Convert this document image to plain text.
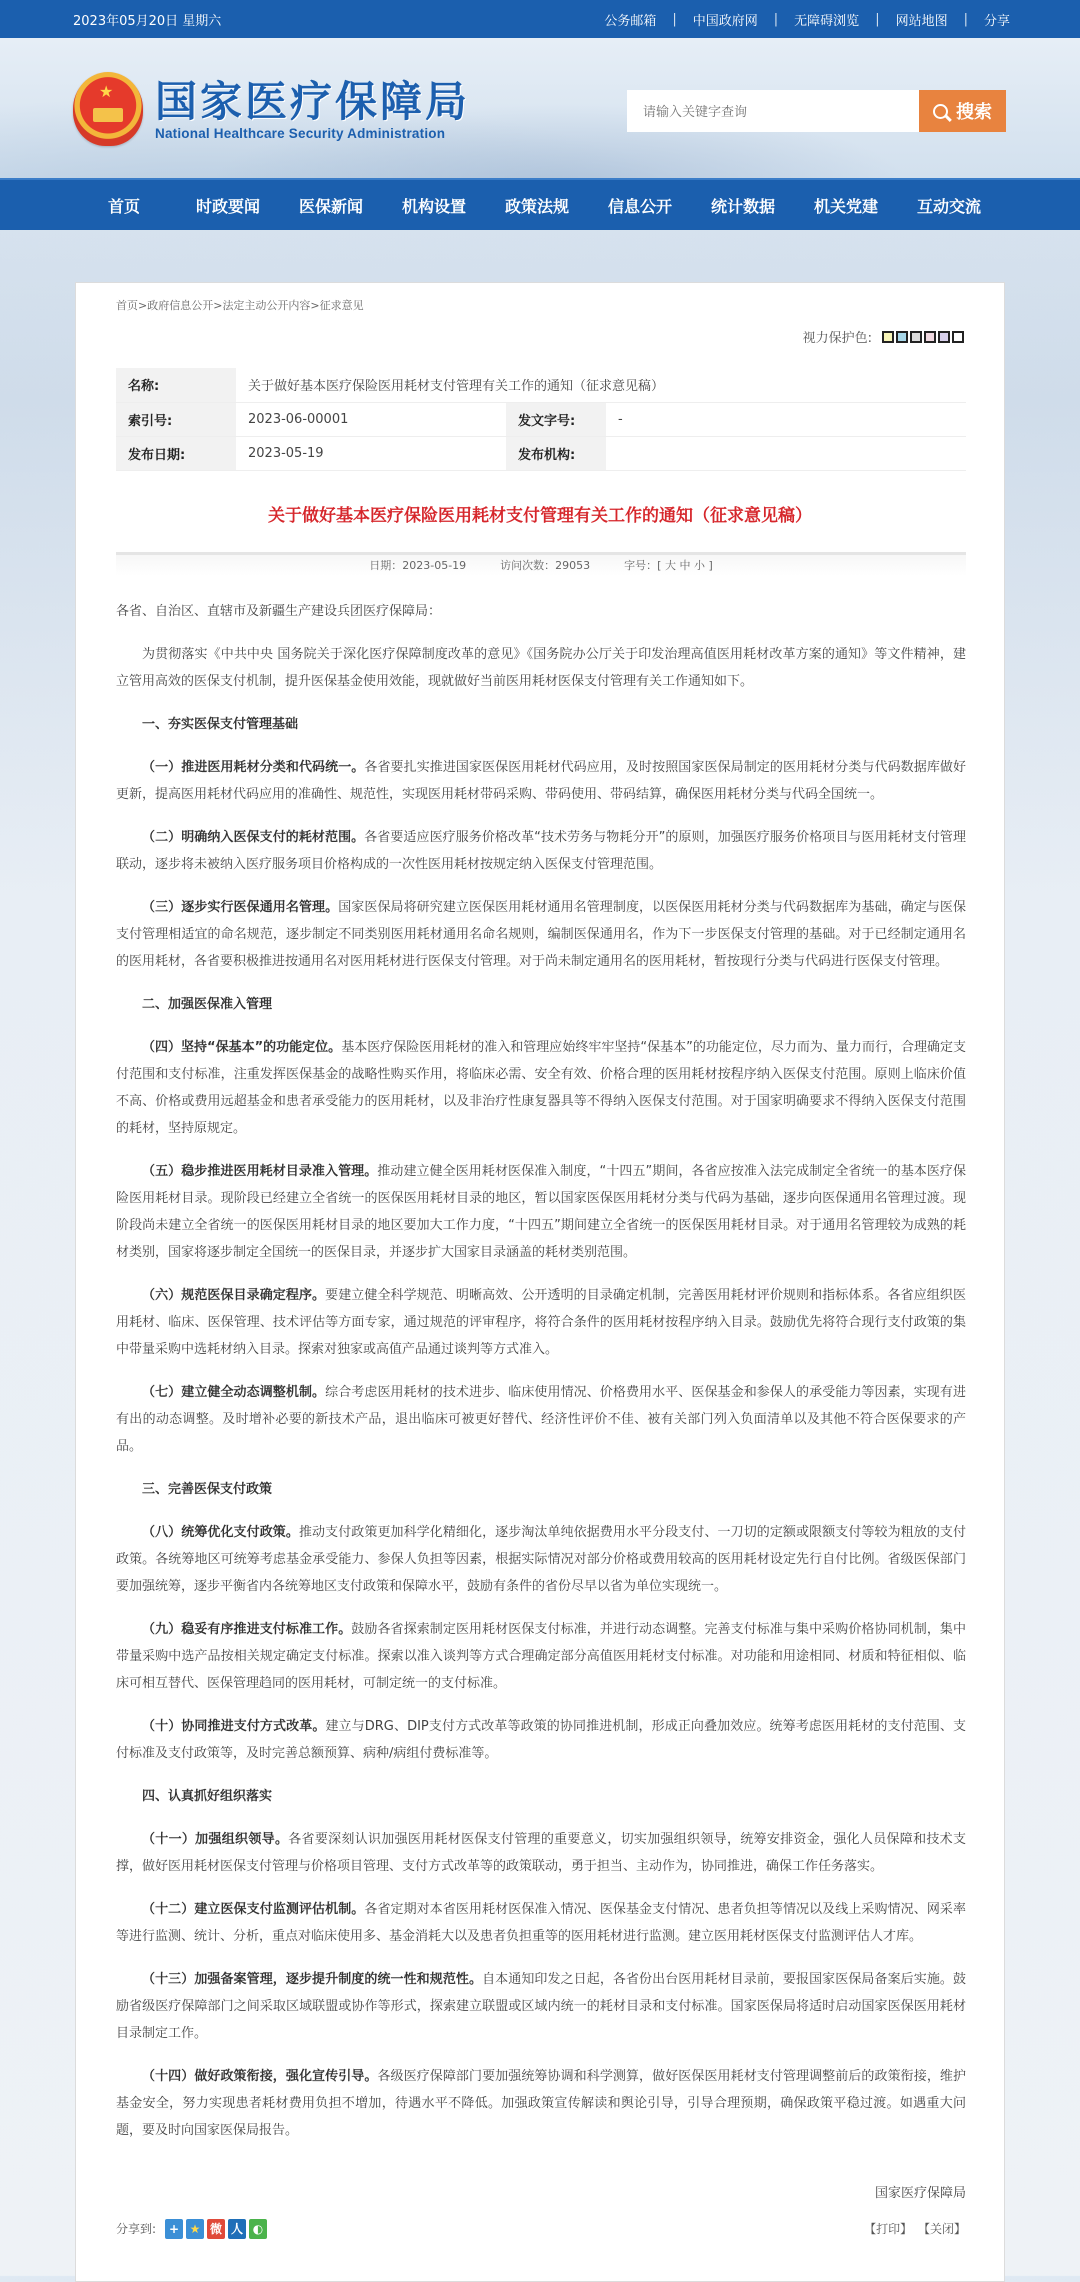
2023年05月20日 星期六	公务邮箱 | 中国政府网 | 无障碍浏览 | 网站地图 | 分享
★ 国家医疗保障局
National Healthcare Security Administration
请输入关键字查询
搜索
首页	时政要闻	医保新闻	机构设置	政策法规	信息公开	统计数据	机关党建	互动交流
首页> 政府信息公开> 法定主动公开内容> 征求意见
视力保护色:
名称:	关于做好基本医疗保险医用耗材支付管理有关工作的通知（征求意见稿）		
索引号:	2023-06-00001	发文字号:	-
发布日期:	2023-05-19	发布机构:	
关于做好基本医疗保险医用耗材支付管理有关工作的通知（征求意见稿）
日期：2023-05-19	访问次数：29053	字号：[ 大 中 小 ]

各省、自治区、直辖市及新疆生产建设兵团医疗保障局：

为贯彻落实《中共中央 国务院关于深化医疗保障制度改革的意见》《国务院办公厅关于印发治理高值医用耗材改革方案的通知》等文件精神，建立管用高效的医保支付机制，提升医保基金使用效能，现就做好当前医用耗材医保支付管理有关工作通知如下。

一、夯实医保支付管理基础

（一）推进医用耗材分类和代码统一。各省要扎实推进国家医保医用耗材代码应用，及时按照国家医保局制定的医用耗材分类与代码数据库做好更新，提高医用耗材代码应用的准确性、规范性，实现医用耗材带码采购、带码使用、带码结算，确保医用耗材分类与代码全国统一。

（二）明确纳入医保支付的耗材范围。各省要适应医疗服务价格改革“技术劳务与物耗分开”的原则，加强医疗服务价格项目与医用耗材支付管理联动，逐步将未被纳入医疗服务项目价格构成的一次性医用耗材按规定纳入医保支付管理范围。

（三）逐步实行医保通用名管理。国家医保局将研究建立医保医用耗材通用名管理制度，以医保医用耗材分类与代码数据库为基础，确定与医保支付管理相适宜的命名规范，逐步制定不同类别医用耗材通用名命名规则，编制医保通用名，作为下一步医保支付管理的基础。对于已经制定通用名的医用耗材，各省要积极推进按通用名对医用耗材进行医保支付管理。对于尚未制定通用名的医用耗材，暂按现行分类与代码进行医保支付管理。

二、加强医保准入管理

（四）坚持“保基本”的功能定位。基本医疗保险医用耗材的准入和管理应始终牢牢坚持“保基本”的功能定位，尽力而为、量力而行，合理确定支付范围和支付标准，注重发挥医保基金的战略性购买作用，将临床必需、安全有效、价格合理的医用耗材按程序纳入医保支付范围。原则上临床价值不高、价格或费用远超基金和患者承受能力的医用耗材，以及非治疗性康复器具等不得纳入医保支付范围。对于国家明确要求不得纳入医保支付范围的耗材，坚持原规定。

（五）稳步推进医用耗材目录准入管理。推动建立健全医用耗材医保准入制度，“十四五”期间，各省应按准入法完成制定全省统一的基本医疗保险医用耗材目录。现阶段已经建立全省统一的医保医用耗材目录的地区，暂以国家医保医用耗材分类与代码为基础，逐步向医保通用名管理过渡。现阶段尚未建立全省统一的医保医用耗材目录的地区要加大工作力度，“十四五”期间建立全省统一的医保医用耗材目录。对于通用名管理较为成熟的耗材类别，国家将逐步制定全国统一的医保目录，并逐步扩大国家目录涵盖的耗材类别范围。

（六）规范医保目录确定程序。要建立健全科学规范、明晰高效、公开透明的目录确定机制，完善医用耗材评价规则和指标体系。各省应组织医用耗材、临床、医保管理、技术评估等方面专家，通过规范的评审程序，将符合条件的医用耗材按程序纳入目录。鼓励优先将符合现行支付政策的集中带量采购中选耗材纳入目录。探索对独家或高值产品通过谈判等方式准入。

（七）建立健全动态调整机制。综合考虑医用耗材的技术进步、临床使用情况、价格费用水平、医保基金和参保人的承受能力等因素，实现有进有出的动态调整。及时增补必要的新技术产品，退出临床可被更好替代、经济性评价不佳、被有关部门列入负面清单以及其他不符合医保要求的产品。

三、完善医保支付政策

（八）统筹优化支付政策。推动支付政策更加科学化精细化，逐步淘汰单纯依据费用水平分段支付、一刀切的定额或限额支付等较为粗放的支付政策。各统筹地区可统筹考虑基金承受能力、参保人负担等因素，根据实际情况对部分价格或费用较高的医用耗材设定先行自付比例。省级医保部门要加强统筹，逐步平衡省内各统筹地区支付政策和保障水平，鼓励有条件的省份尽早以省为单位实现统一。

（九）稳妥有序推进支付标准工作。鼓励各省探索制定医用耗材医保支付标准，并进行动态调整。完善支付标准与集中采购价格协同机制，集中带量采购中选产品按相关规定确定支付标准。探索以准入谈判等方式合理确定部分高值医用耗材支付标准。对功能和用途相同、材质和特征相似、临床可相互替代、医保管理趋同的医用耗材，可制定统一的支付标准。

（十）协同推进支付方式改革。建立与DRG、DIP支付方式改革等政策的协同推进机制，形成正向叠加效应。统筹考虑医用耗材的支付范围、支付标准及支付政策等，及时完善总额预算、病种/病组付费标准等。

四、认真抓好组织落实

（十一）加强组织领导。各省要深刻认识加强医用耗材医保支付管理的重要意义，切实加强组织领导，统筹安排资金，强化人员保障和技术支撑，做好医用耗材医保支付管理与价格项目管理、支付方式改革等的政策联动，勇于担当、主动作为，协同推进，确保工作任务落实。

（十二）建立医保支付监测评估机制。各省定期对本省医用耗材医保准入情况、医保基金支付情况、患者负担等情况以及线上采购情况、网采率等进行监测、统计、分析，重点对临床使用多、基金消耗大以及患者负担重等的医用耗材进行监测。建立医用耗材医保支付监测评估人才库。

（十三）加强备案管理，逐步提升制度的统一性和规范性。自本通知印发之日起，各省份出台医用耗材目录前，要报国家医保局备案后实施。鼓励省级医疗保障部门之间采取区域联盟或协作等形式，探索建立联盟或区域内统一的耗材目录和支付标准。国家医保局将适时启动国家医保医用耗材目录制定工作。

（十四）做好政策衔接，强化宣传引导。各级医疗保障部门要加强统筹协调和科学测算，做好医保医用耗材支付管理调整前后的政策衔接，维护基金安全，努力实现患者耗材费用负担不增加，待遇水平不降低。加强政策宣传解读和舆论引导，引导合理预期，确保政策平稳过渡。如遇重大问题，要及时向国家医保局报告。

国家医疗保障局
分享到:	+ ★ 微 人 ◐	【打印】 【关闭】
